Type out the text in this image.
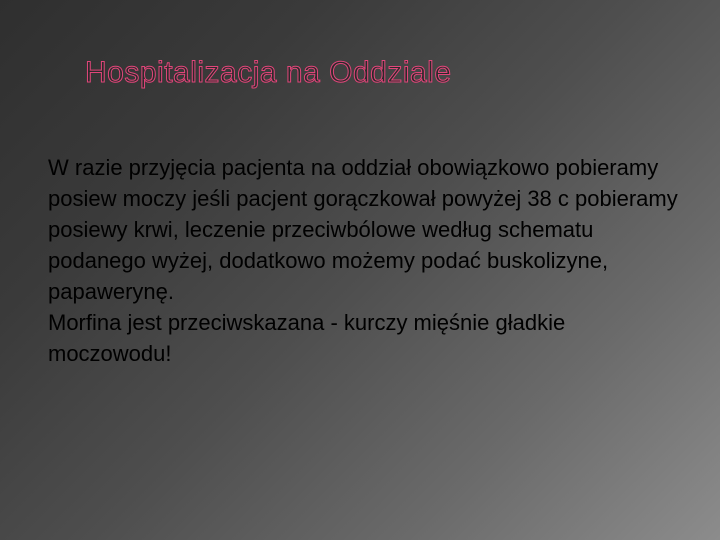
Hospitalizacja na Oddziale

W razie przyjęcia pacjenta na oddział obowiązkowo pobieramy posiew moczy jeśli pacjent gorączkował powyżej 38 c pobieramy posiewy krwi, leczenie przeciwbólowe według schematu podanego wyżej, dodatkowo możemy podać buskolizyne, papawerynę.

Morfina jest przeciwskazana - kurczy mięśnie gładkie moczowodu!
